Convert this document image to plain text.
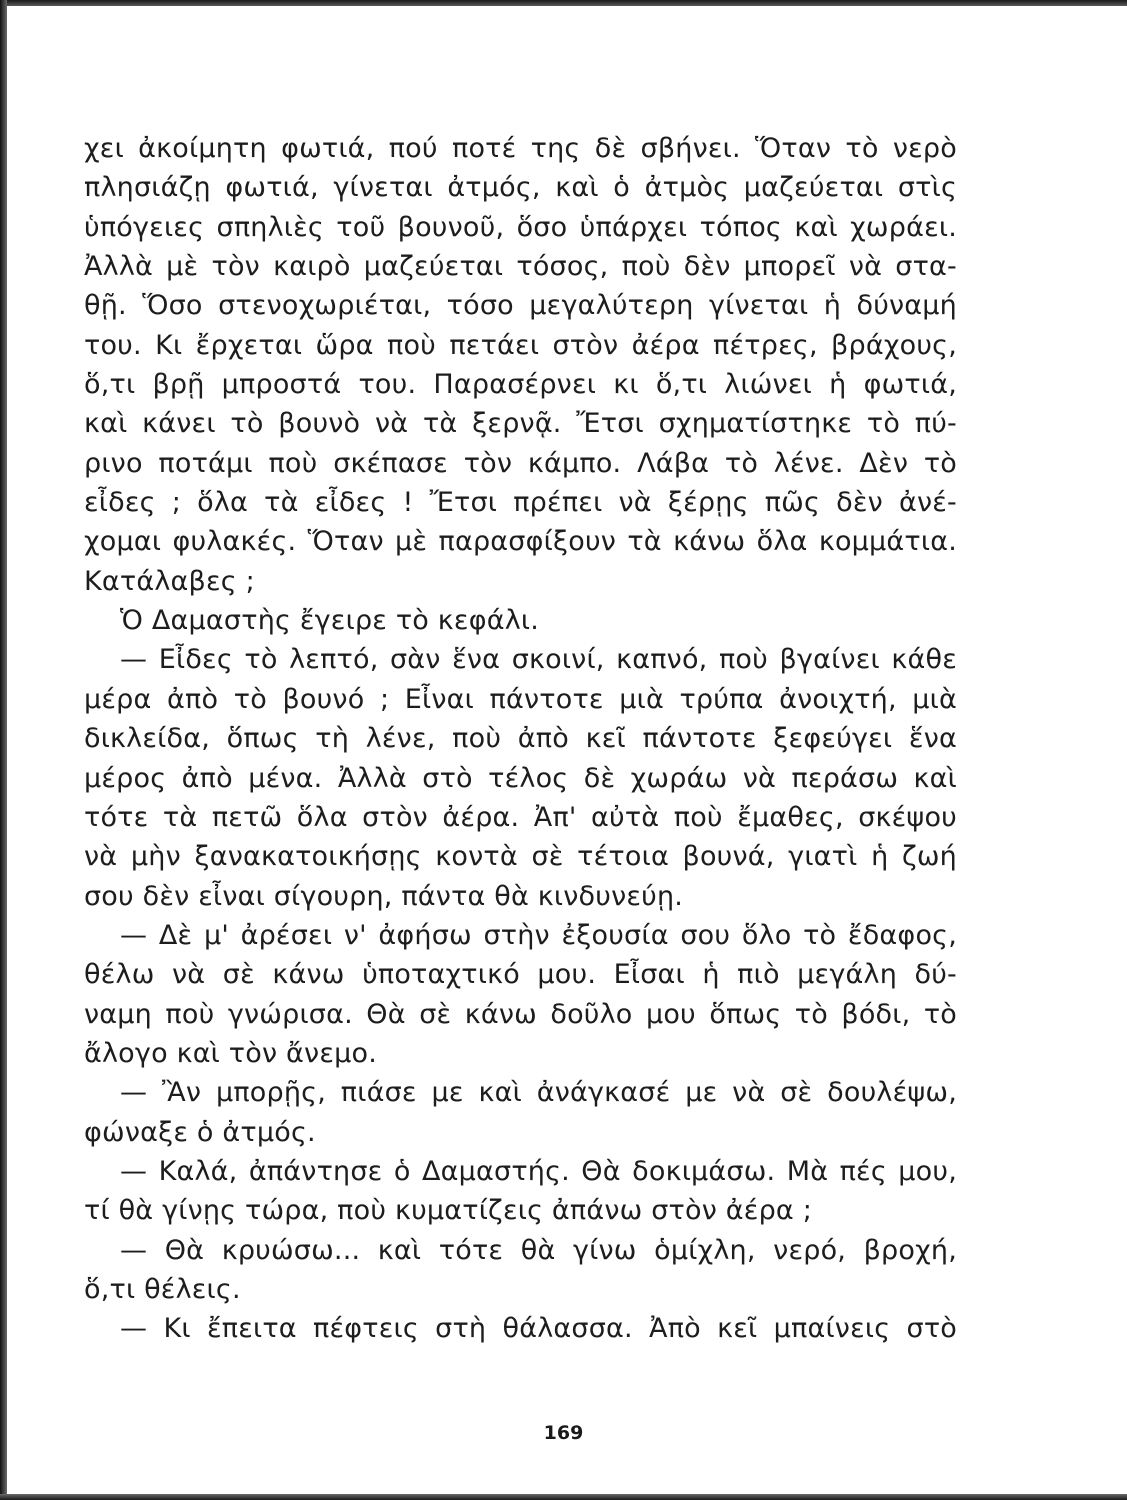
χει ἀκοίμητη φωτιά, πού ποτέ της δὲ σβήνει. Ὅταν τὸ νερὸ
πλησιάζῃ φωτιά, γίνεται ἀτμός, καὶ ὁ ἀτμὸς μαζεύεται στὶς
ὑπόγειες σπηλιὲς τοῦ βουνοῦ, ὅσο ὑπάρχει τόπος καὶ χωράει.
Ἀλλὰ μὲ τὸν καιρὸ μαζεύεται τόσος, ποὺ δὲν μπορεῖ νὰ στα-
θῇ. Ὅσο στενοχωριέται, τόσο μεγαλύτερη γίνεται ἡ δύναμή
του. Κι ἔρχεται ὥρα ποὺ πετάει στὸν ἀέρα πέτρες, βράχους,
ὅ,τι βρῇ μπροστά του. Παρασέρνει κι ὅ,τι λιώνει ἡ φωτιά,
καὶ κάνει τὸ βουνὸ νὰ τὰ ξερνᾷ. Ἔτσι σχηματίστηκε τὸ πύ-
ρινο ποτάμι ποὺ σκέπασε τὸν κάμπο. Λάβα τὸ λένε. Δὲν τὸ
εἶδες ; ὅλα τὰ εἶδες ! Ἔτσι πρέπει νὰ ξέρῃς πῶς δὲν ἀνέ-
χομαι φυλακές. Ὅταν μὲ παρασφίξουν τὰ κάνω ὅλα κομμάτια.
Κατάλαβες ;
Ὁ Δαμαστὴς ἔγειρε τὸ κεφάλι.
— Εἶδες τὸ λεπτό, σὰν ἕνα σκοινί, καπνό, ποὺ βγαίνει κάθε
μέρα ἀπὸ τὸ βουνό ; Εἶναι πάντοτε μιὰ τρύπα ἀνοιχτή, μιὰ
δικλείδα, ὅπως τὴ λένε, ποὺ ἀπὸ κεῖ πάντοτε ξεφεύγει ἕνα
μέρος ἀπὸ μένα. Ἀλλὰ στὸ τέλος δὲ χωράω νὰ περάσω καὶ
τότε τὰ πετῶ ὅλα στὸν ἀέρα. Ἀπ' αὐτὰ ποὺ ἔμαθες, σκέψου
νὰ μὴν ξανακατοικήσῃς κοντὰ σὲ τέτοια βουνά, γιατὶ ἡ ζωή
σου δὲν εἶναι σίγουρη, πάντα θὰ κινδυνεύῃ.
— Δὲ μ' ἀρέσει ν' ἀφήσω στὴν ἐξουσία σου ὅλο τὸ ἔδαφος,
θέλω νὰ σὲ κάνω ὑποταχτικό μου. Εἶσαι ἡ πιὸ μεγάλη δύ-
ναμη ποὺ γνώρισα. Θὰ σὲ κάνω δοῦλο μου ὅπως τὸ βόδι, τὸ
ἄλογο καὶ τὸν ἄνεμο.
— Ἂν μπορῇς, πιάσε με καὶ ἀνάγκασέ με νὰ σὲ δουλέψω,
φώναξε ὁ ἀτμός.
— Καλά, ἀπάντησε ὁ Δαμαστής. Θὰ δοκιμάσω. Μὰ πές μου,
τί θὰ γίνῃς τώρα, ποὺ κυματίζεις ἀπάνω στὸν ἀέρα ;
— Θὰ κρυώσω... καὶ τότε θὰ γίνω ὁμίχλη, νερό, βροχή,
ὅ,τι θέλεις.
— Κι ἔπειτα πέφτεις στὴ θάλασσα. Ἀπὸ κεῖ μπαίνεις στὸ
169
